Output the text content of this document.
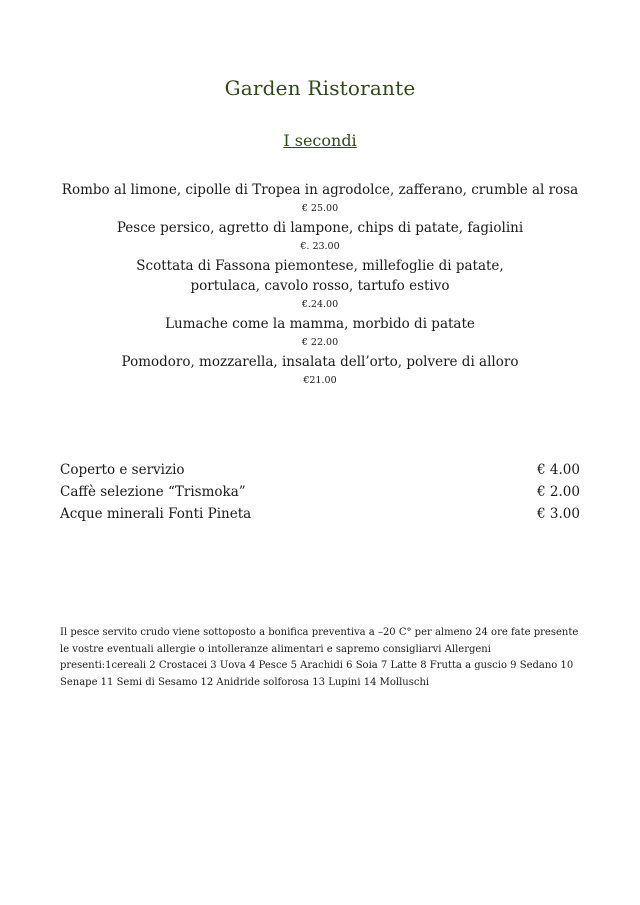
Garden Ristorante
I secondi
Rombo al limone, cipolle di Tropea in agrodolce, zafferano, crumble al rosa
€ 25.00
Pesce persico, agretto di lampone, chips di patate, fagiolini
€. 23.00
Scottata di Fassona piemontese, millefoglie di patate,
portulaca, cavolo rosso, tartufo estivo
€.24.00
Lumache come la mamma, morbido di patate
€ 22.00
Pomodoro, mozzarella, insalata dell’orto, polvere di alloro
€21.00
Coperto e servizio	€ 4.00
Caffè selezione “Trismoka”	€ 2.00
Acque minerali Fonti Pineta	€ 3.00
Il pesce servito crudo viene sottoposto a bonifica preventiva a –20 C° per almeno 24 ore fate presente le vostre eventuali allergie o intolleranze alimentari e sapremo consigliarvi Allergeni presenti:1cereali 2 Crostacei 3 Uova 4 Pesce 5 Arachidi 6 Soia 7 Latte 8 Frutta a guscio 9 Sedano 10 Senape 11 Semi di Sesamo 12 Anidride solforosa 13 Lupini 14 Molluschi
